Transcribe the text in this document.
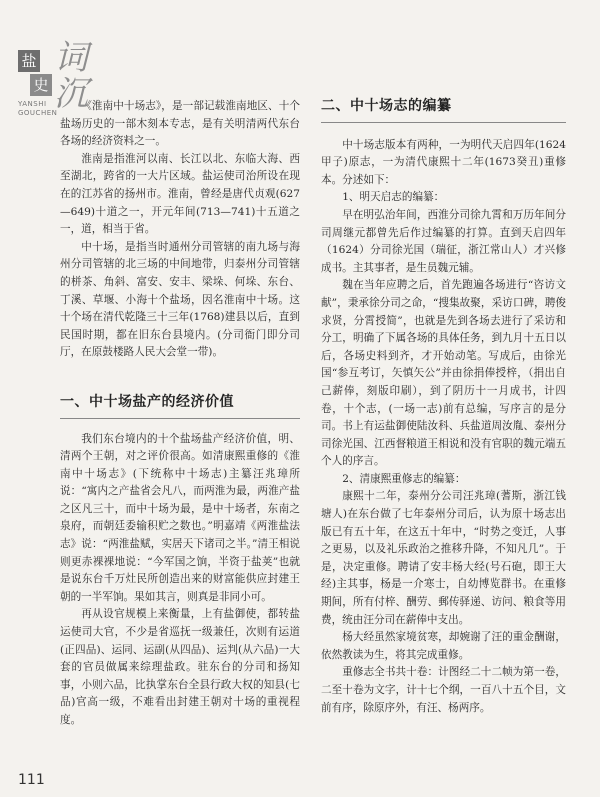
盐
史
词沉
YANSHI
GOUCHEN

《淮南中十场志》，是一部记载淮南地区、十个盐场历史的一部木刻本专志，是有关明清两代东台各场的经济资料之一。

淮南是指淮河以南、长江以北、东临大海、西至湖北，跨省的一大片区域。盐运使司治所设在现在的江苏省的扬州市。淮南，曾经是唐代贞观(627—649)十道之一，开元年间(713—741)十五道之一，道，相当于省。

中十场，是指当时通州分司管辖的南九场与海州分司管辖的北三场的中间地带，归泰州分司管辖的栟茶、角斜、富安、安丰、梁垛、何垛、东台、丁溪、草堰、小海十个盐场，因名淮南中十场。这十个场在清代乾隆三十三年(1768)建县以后，直到民国时期，都在旧东台县境内。(分司衙门即分司厅，在原鼓楼路人民大会堂一带)。

一、中十场盐产的经济价值

我们东台境内的十个盐场盐产经济价值，明、清两个王朝，对之评价很高。如清康熙重修的《淮南中十场志》(下统称中十场志)主纂汪兆璋所说：“寓内之产盐省会凡八，而两淮为最，两淮产盐之区凡三十，而中十场为最，是中十场者，东南之泉府，而朝廷委输积贮之数也。”明嘉靖《两淮盐法志》说：“两淮盐赋，实居天下诸司之半。”清王相说则更赤裸裸地说：“今军国之饷，半资于盐荚”也就是说东台千万灶民所创造出来的财富能供应封建王朝的一半军饷。果如其言，则真是非同小可。

再从设官规模上来衡量，上有盐御使，都转盐运使司大官，不少是省巡抚一级兼任，次则有运道(正四品)、运同、运副(从四品)、运判(从六品)一大套的官员做属来综理盐政。驻东台的分司和扬知事，小则六品，比执掌东台全县行政大权的知县(七品)官高一级，不难看出封建王朝对十场的重视程度。

二、中十场志的编纂

中十场志版本有两种，一为明代天启四年(1624甲子)原志，一为清代康熙十二年(1673癸丑)重修本。分述如下：

1、明天启志的编纂：

早在明弘治年间，西淮分司徐九霄和万历年间分司周继元都曾先后作过编纂的打算。直到天启四年（1624）分司徐光国（瑞征，浙江常山人）才兴修成书。主其事者，是生员魏元辅。

魏在当年应聘之后，首先跑遍各场进行“咨访文献”，秉承徐分司之命，“搜集故聚，采访口碑，聘俊求贤，分霄授简”，也就是先到各场去进行了采访和分工，明确了下属各场的具体任务，到九月十五日以后，各场史料到齐，才开始动笔。写成后，由徐光国“参互考订，矢慎矢公”并由徐捐俸授梓，（捐出自己薪俸，刻版印刷），到了阴历十一月成书，计四卷，十个志，(一场一志)前有总编，写序言的是分司。书上有运盐御使陆汝科、兵盐道周汝胤、泰州分司徐光国、江西督粮道王相说和没有官职的魏元端五个人的序言。

2、清康熙重修志的编纂：

康熙十二年，泰州分公司汪兆璋(蓍斯，浙江钱塘人)在东台做了七年泰州分司后，认为原十场志出版已有五十年，在这五十年中，“时势之变迁，人事之更易，以及礼乐政治之推移升降，不知凡几”。于是，决定重修。聘请了安丰杨大经(号石砲，即王大经)主其事，杨是一介寒士，自幼博览群书。在重修期间，所有付梓、酬劳、郵传驿递、访问、粮食等用费，统由汪分司在薪俸中支出。

杨大经虽然家境贫寒，却婉谢了汪的重金酬谢，依然教读为生，将其完成重修。

重修志全书共十卷：计图经二十二帧为第一卷，二至十卷为文字，计十七个纲，一百八十五个目，文前有序，除原序外，有汪、杨两序。

111
